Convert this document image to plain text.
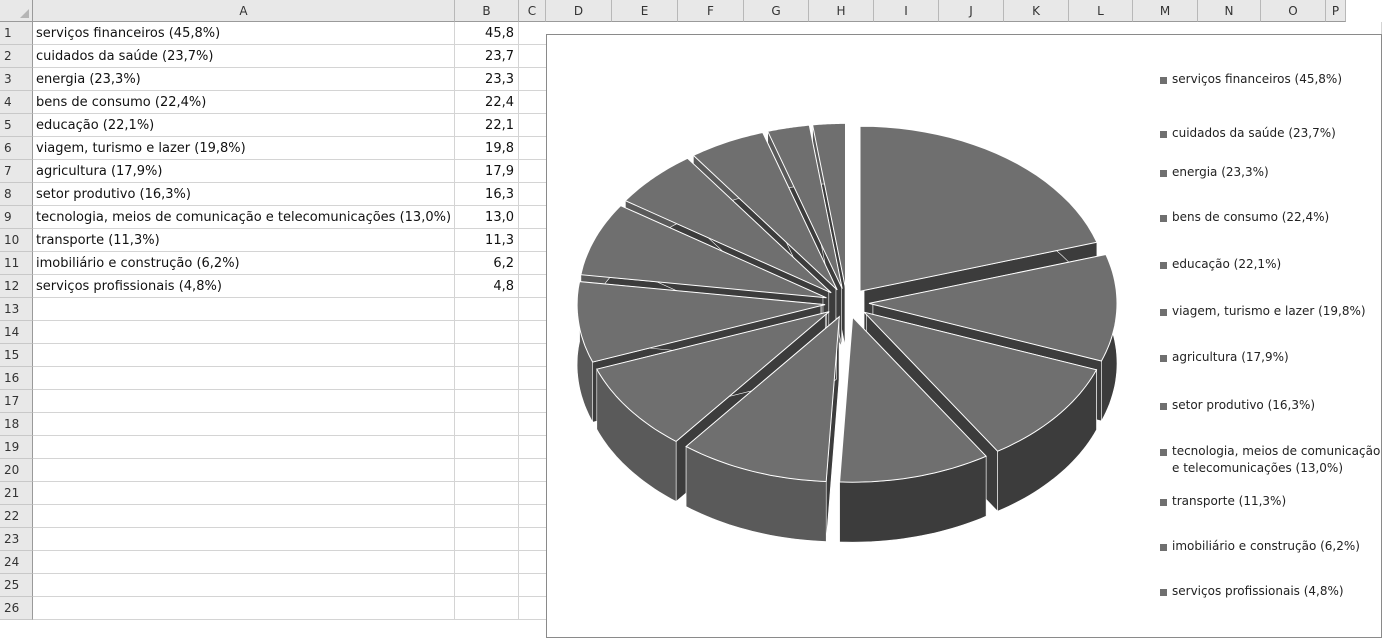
A	B	C	D	E	F	G	H	I	J	K	L	M	N	O	P
1	serviços financeiros (45,8%)	45,8
2	cuidados da saúde (23,7%)	23,7
3	energia (23,3%)	23,3
4	bens de consumo (22,4%)	22,4
5	educação (22,1%)	22,1
6	viagem, turismo e lazer (19,8%)	19,8
7	agricultura (17,9%)	17,9
8	setor produtivo (16,3%)	16,3
9	tecnologia, meios de comunicação e telecomunicações (13,0%)	13,0
10	transporte (11,3%)	11,3
11	imobiliário e construção (6,2%)	6,2
12	serviços profissionais (4,8%)	4,8
13
14
15
16
17
18
19
20
21
22
23
24
25
26
serviços financeiros (45,8%)
cuidados da saúde (23,7%)
energia (23,3%)
bens de consumo (22,4%)
educação (22,1%)
viagem, turismo e lazer (19,8%)
agricultura (17,9%)
setor produtivo (16,3%)
tecnologia, meios de comunicação e telecomunicações (13,0%)
transporte (11,3%)
imobiliário e construção (6,2%)
serviços profissionais (4,8%)
